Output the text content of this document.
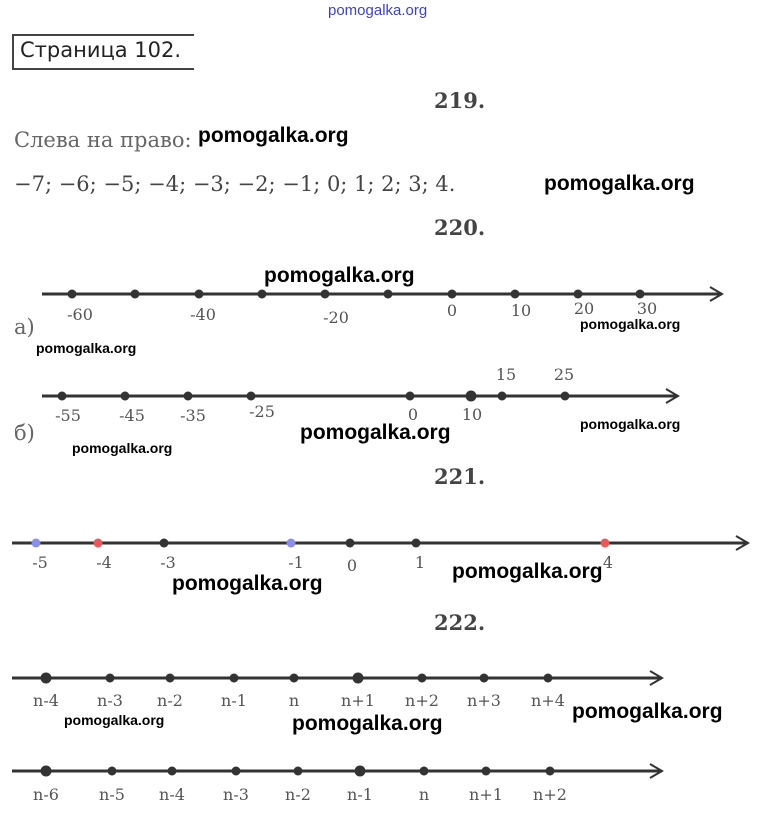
pomogalka.org
Страница 102.
219.
Слева на право:
−7; −6; −5; −4; −3; −2; −1; 0; 1; 2; 3; 4.
220.
а)
б)
221.
222.
-60	-40	-20	0	10	20	30
-55 -45 -35	-25	0	10
15 25
-5	-4	-3	-1	0	1	4
n-4 n-3 n-2 n-1	n	n+1 n+2 n+3 n+4
n-6	n-5 n-4 n-3 n-2 n-1	n n+1 n+2
pomogalka.org
pomogalka.org
pomogalka.org
pomogalka.org
pomogalka.org
pomogalka.org	pomogalka.org
pomogalka.org
pomogalka.org
pomogalka.org
pomogalka.org	pomogalka.org
pomogalka.org
